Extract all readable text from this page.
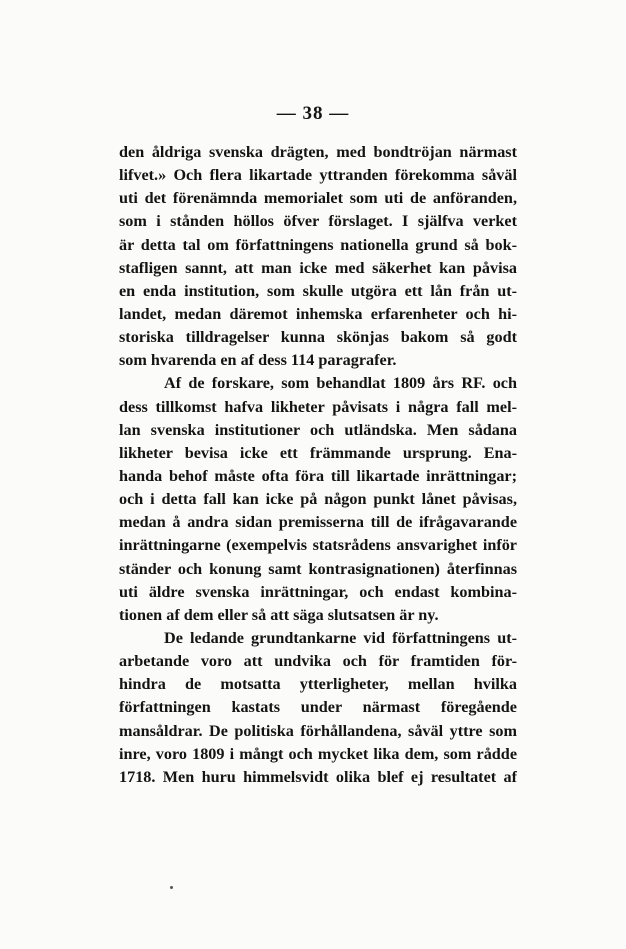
— 38 —
den åldriga svenska drägten, med bondtröjan närmast
lifvet.» Och flera likartade yttranden förekomma såväl
uti det förenämnda memorialet som uti de anföranden,
som i stånden höllos öfver förslaget. I själfva verket
är detta tal om författningens nationella grund så bok-
stafligen sannt, att man icke med säkerhet kan påvisa
en enda institution, som skulle utgöra ett lån från ut-
landet, medan däremot inhemska erfarenheter och hi-
storiska tilldragelser kunna skönjas bakom så godt
som hvarenda en af dess 114 paragrafer.
Af de forskare, som behandlat 1809 års RF. och
dess tillkomst hafva likheter påvisats i några fall mel-
lan svenska institutioner och utländska. Men sådana
likheter bevisa icke ett främmande ursprung. Ena-
handa behof måste ofta föra till likartade inrättningar;
och i detta fall kan icke på någon punkt lånet påvisas,
medan å andra sidan premisserna till de ifrågavarande
inrättningarne (exempelvis statsrådens ansvarighet inför
ständer och konung samt kontrasignationen) återfinnas
uti äldre svenska inrättningar, och endast kombina-
tionen af dem eller så att säga slutsatsen är ny.
De ledande grundtankarne vid författningens ut-
arbetande voro att undvika och för framtiden för-
hindra de motsatta ytterligheter, mellan hvilka
författningen kastats under närmast föregående
mansåldrar. De politiska förhållandena, såväl yttre som
inre, voro 1809 i mångt och mycket lika dem, som rådde
1718. Men huru himmelsvidt olika blef ej resultatet af
